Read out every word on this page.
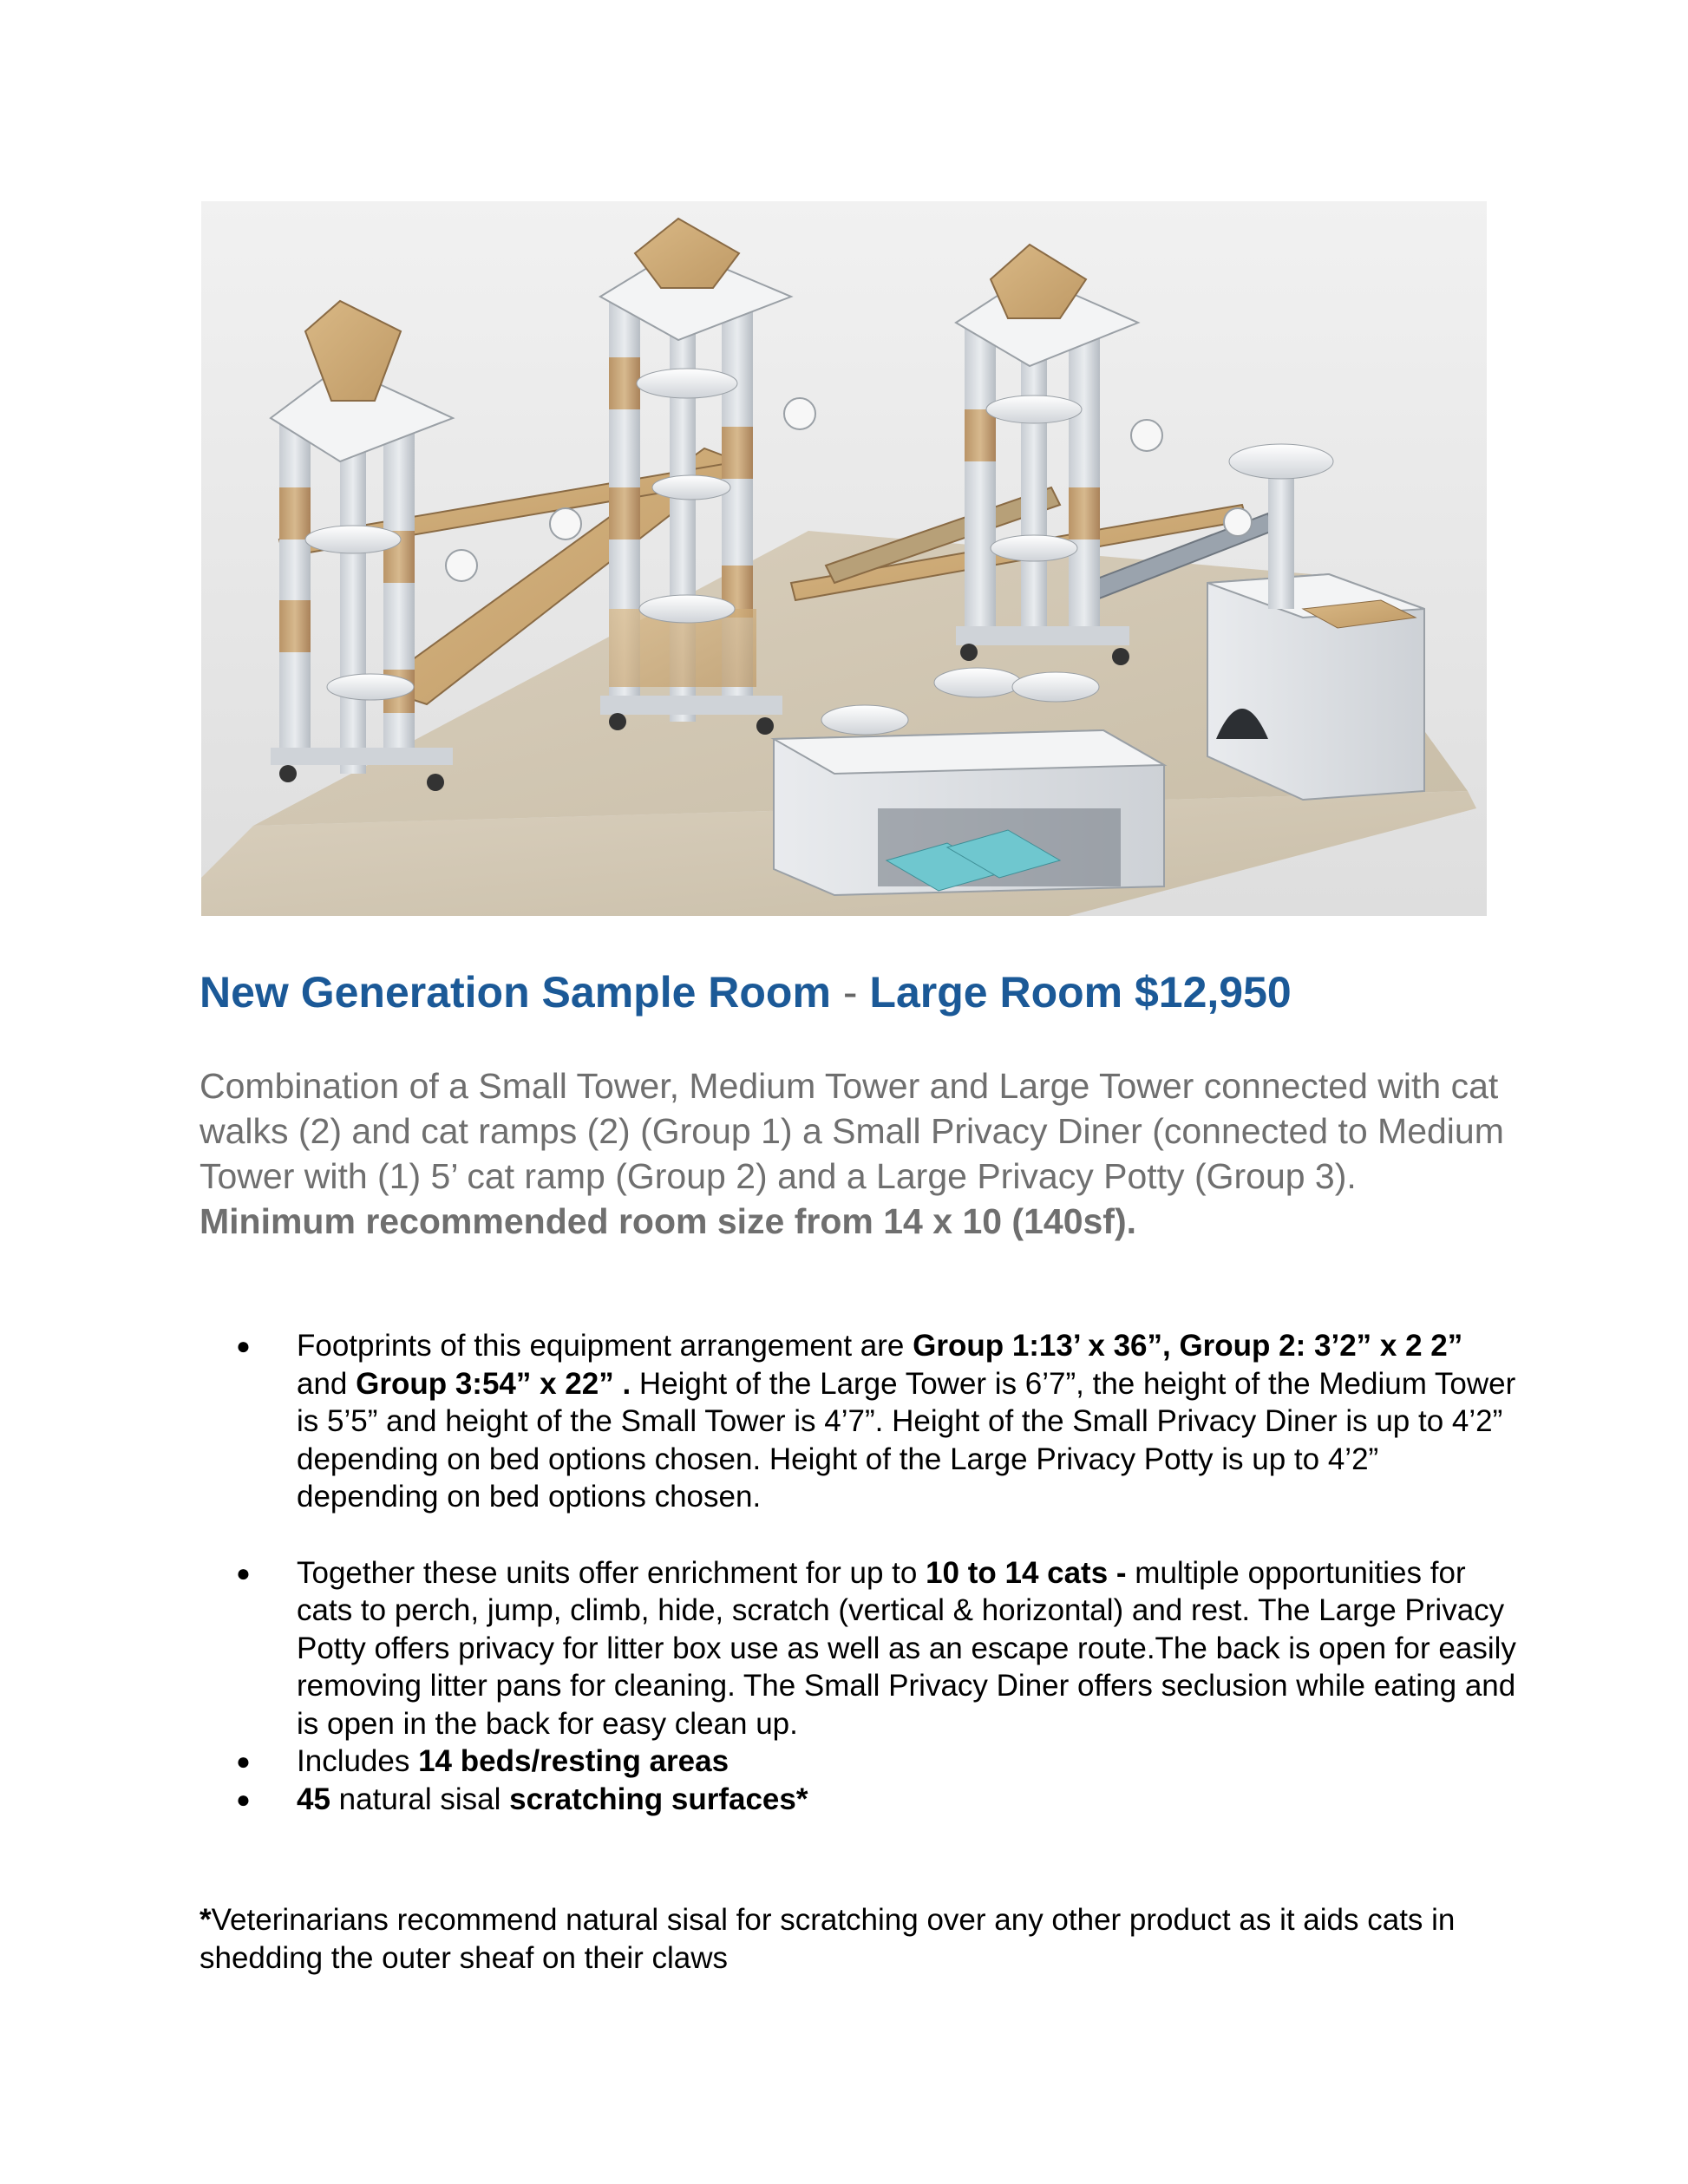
New Generation Sample Room - Large Room $12,950
Combination of a Small Tower, Medium Tower and Large Tower connected with cat walks (2) and cat ramps (2) (Group 1) a Small Privacy Diner (connected to Medium Tower with (1) 5’ cat ramp (Group 2) and a Large Privacy Potty (Group 3). Minimum recommended room size from 14 x 10 (140sf).
● Footprints of this equipment arrangement are Group 1:13’ x 36”, Group 2: 3’2” x 2 2” and Group 3:54” x 22” . Height of the Large Tower is 6’7”, the height of the Medium Tower is 5’5” and height of the Small Tower is 4’7”. Height of the Small Privacy Diner is up to 4’2” depending on bed options chosen. Height of the Large Privacy Potty is up to 4’2” depending on bed options chosen.
● Together these units offer enrichment for up to 10 to 14 cats - multiple opportunities for cats to perch, jump, climb, hide, scratch (vertical & horizontal) and rest. The Large Privacy Potty offers privacy for litter box use as well as an escape route.The back is open for easily removing litter pans for cleaning. The Small Privacy Diner offers seclusion while eating and is open in the back for easy clean up.
● Includes 14 beds/resting areas
● 45 natural sisal scratching surfaces*
*Veterinarians recommend natural sisal for scratching over any other product as it aids cats in shedding the outer sheaf on their claws
